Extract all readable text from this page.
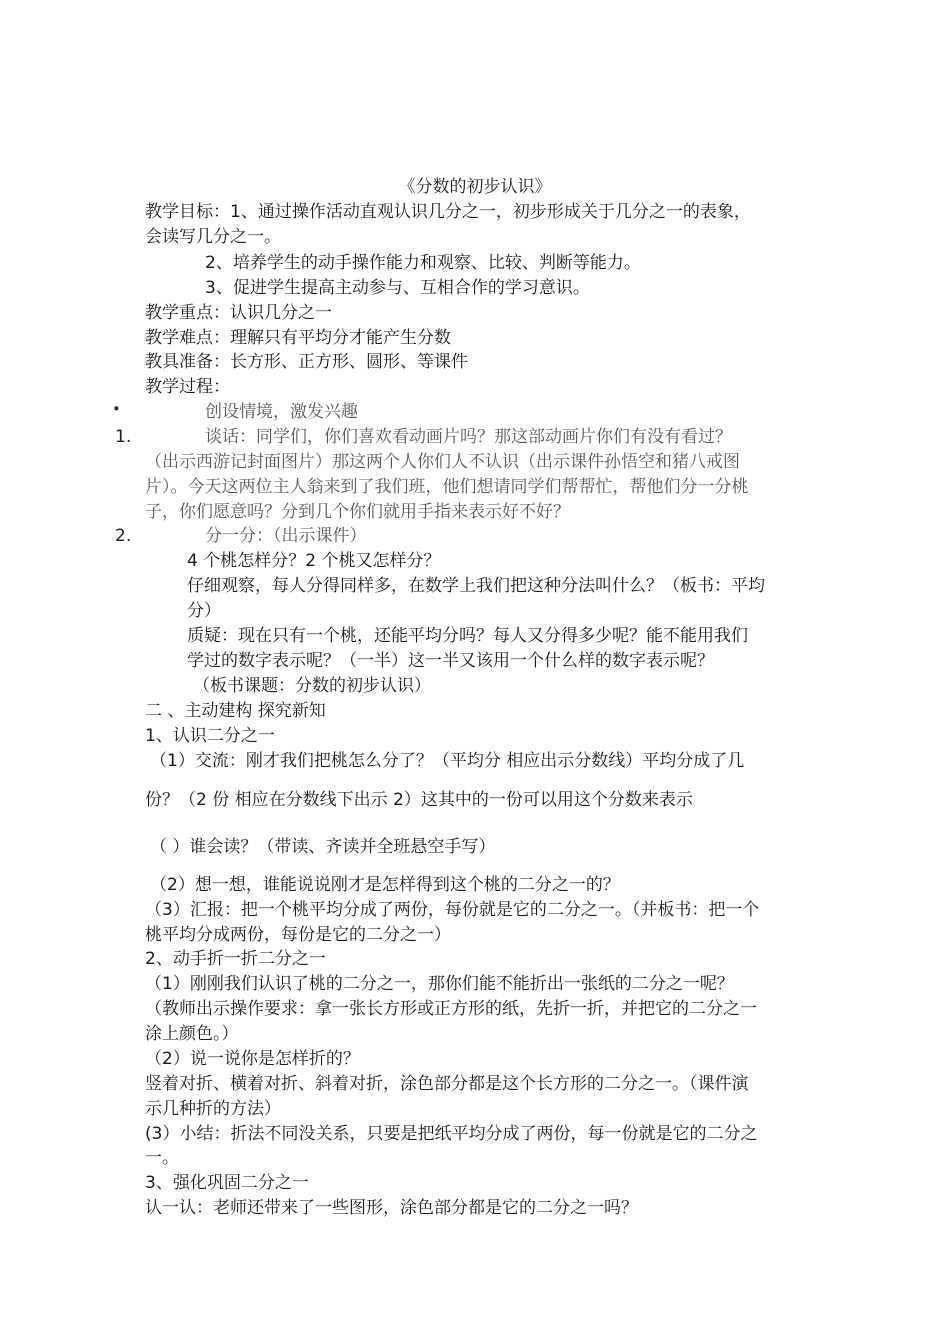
《分数的初步认识》
教学目标：1、通过操作活动直观认识几分之一，初步形成关于几分之一的表象，
会读写几分之一。
2、培养学生的动手操作能力和观察、比较、判断等能力。
3、促进学生提高主动参与、互相合作的学习意识。
教学重点：认识几分之一
教学难点：理解只有平均分才能产生分数
教具准备：长方形、正方形、圆形、等课件
教学过程：
•	创设情境，激发兴趣
1.	谈话：同学们，你们喜欢看动画片吗？那这部动画片你们有没有看过？
（出示西游记封面图片）那这两个人你们人不认识（出示课件孙悟空和猪八戒图
片）。今天这两位主人翁来到了我们班，他们想请同学们帮帮忙，帮他们分一分桃
子，你们愿意吗？分到几个你们就用手指来表示好不好？
2.	分一分：（出示课件）
4 个桃怎样分？2 个桃又怎样分？
仔细观察，每人分得同样多，在数学上我们把这种分法叫什么？（板书：平均
分）
质疑：现在只有一个桃，还能平均分吗？每人又分得多少呢？能不能用我们
学过的数字表示呢？（一半）这一半又该用一个什么样的数字表示呢？
（板书课题：分数的初步认识）
二 、主动建构 探究新知
1、认识二分之一
（1）交流：刚才我们把桃怎么分了？（平均分 相应出示分数线）平均分成了几
份？（2 份 相应在分数线下出示 2）这其中的一份可以用这个分数来表示
（ ）谁会读？（带读、齐读并全班悬空手写）
（2）想一想，谁能说说刚才是怎样得到这个桃的二分之一的？
（3）汇报：把一个桃平均分成了两份，每份就是它的二分之一。（并板书：把一个
桃平均分成两份，每份是它的二分之一）
2、动手折一折二分之一
（1）刚刚我们认识了桃的二分之一，那你们能不能折出一张纸的二分之一呢？
（教师出示操作要求：拿一张长方形或正方形的纸，先折一折，并把它的二分之一
涂上颜色。）
（2）说一说你是怎样折的？
竖着对折、横着对折、斜着对折，涂色部分都是这个长方形的二分之一。（课件演
示几种折的方法）
(3）小结：折法不同没关系，只要是把纸平均分成了两份，每一份就是它的二分之
一。
3、强化巩固二分之一
认一认：老师还带来了一些图形，涂色部分都是它的二分之一吗？
